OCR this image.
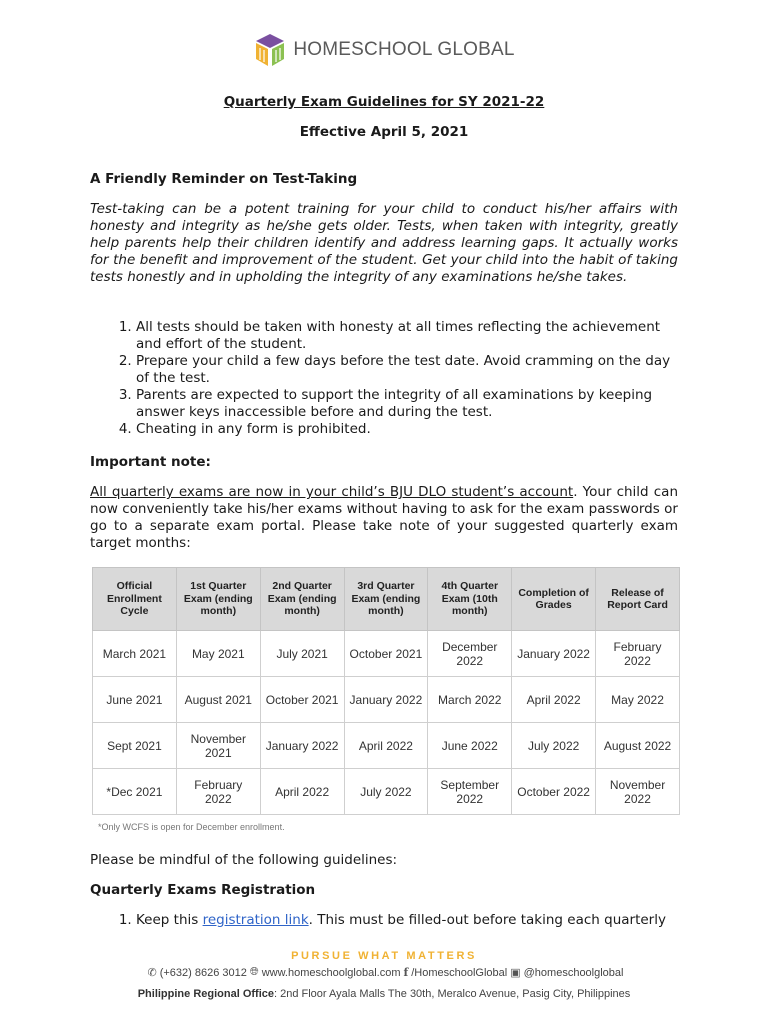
HOMESCHOOL GLOBAL
Quarterly Exam Guidelines for SY 2021-22
Effective April 5, 2021
A Friendly Reminder on Test-Taking
Test-taking can be a potent training for your child to conduct his/her affairs with honesty and integrity as he/she gets older. Tests, when taken with integrity, greatly help parents help their children identify and address learning gaps. It actually works for the benefit and improvement of the student. Get your child into the habit of taking tests honestly and in upholding the integrity of any examinations he/she takes.
1. All tests should be taken with honesty at all times reflecting the achievement and effort of the student.
2. Prepare your child a few days before the test date. Avoid cramming on the day of the test.
3. Parents are expected to support the integrity of all examinations by keeping answer keys inaccessible before and during the test.
4. Cheating in any form is prohibited.
Important note:
All quarterly exams are now in your child’s BJU DLO student’s account. Your child can now conveniently take his/her exams without having to ask for the exam passwords or go to a separate exam portal. Please take note of your suggested quarterly exam target months:
Official Enrollment Cycle	1st Quarter Exam (ending month)	2nd Quarter Exam (ending month)	3rd Quarter Exam (ending month)	4th Quarter Exam (10th month)	Completion of Grades	Release of Report Card
March 2021	May 2021	July 2021	October 2021	December 2022	January 2022	February 2022
June 2021	August 2021	October 2021	January 2022	March 2022	April 2022	May 2022
Sept 2021	November 2021	January 2022	April 2022	June 2022	July 2022	August 2022
*Dec 2021	February 2022	April 2022	July 2022	September 2022	October 2022	November 2022
*Only WCFS is open for December enrollment.
Please be mindful of the following guidelines:
Quarterly Exams Registration
1. Keep this registration link. This must be filled-out before taking each quarterly
PURSUE WHAT MATTERS
✆ (+632) 8626 3012 🌐︎ www.homeschoolglobal.com f /HomeschoolGlobal ▣ @homeschoolglobal
Philippine Regional Office: 2nd Floor Ayala Malls The 30th, Meralco Avenue, Pasig City, Philippines
